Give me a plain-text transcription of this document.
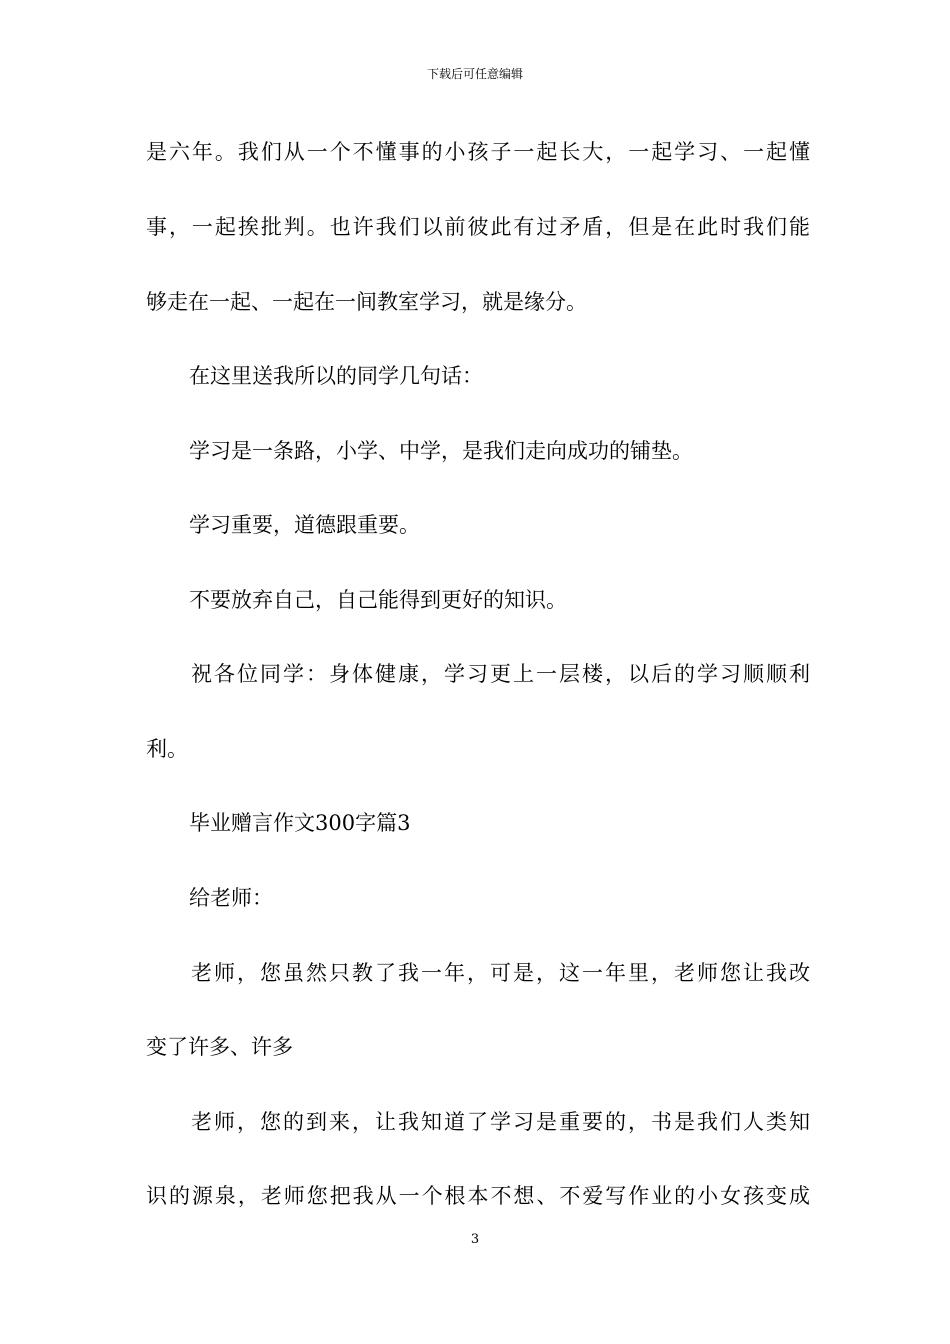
下载后可任意编辑
是六年。我们从一个不懂事的小孩子一起长大，一起学习、一起懂
事，一起挨批判。也许我们以前彼此有过矛盾，但是在此时我们能
够走在一起、一起在一间教室学习，就是缘分。
在这里送我所以的同学几句话：
学习是一条路，小学、中学，是我们走向成功的铺垫。
学习重要，道德跟重要。
不要放弃自己，自己能得到更好的知识。
祝各位同学：身体健康，学习更上一层楼，以后的学习顺顺利
利。
毕业赠言作文300字篇3
给老师：
老师，您虽然只教了我一年，可是，这一年里，老师您让我改
变了许多、许多
老师，您的到来，让我知道了学习是重要的，书是我们人类知
识的源泉，老师您把我从一个根本不想、不爱写作业的小女孩变成
3
